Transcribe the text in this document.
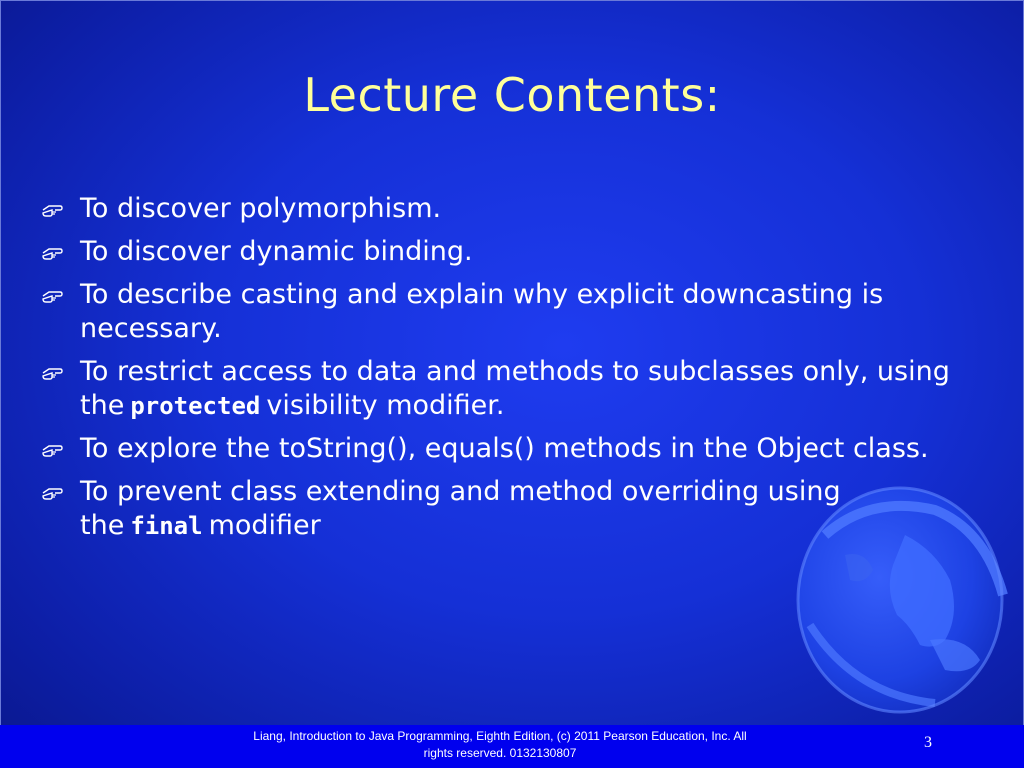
Lecture Contents:
To discover polymorphism.
To discover dynamic binding.
To describe casting and explain why explicit downcasting is necessary.
To restrict access to data and methods to subclasses only, using the protected visibility modifier.
To explore the toString(), equals() methods in the Object class.
To prevent class extending and method overriding using the final modifier
Liang, Introduction to Java Programming, Eighth Edition, (c) 2011 Pearson Education, Inc. All
rights reserved. 0132130807
3
